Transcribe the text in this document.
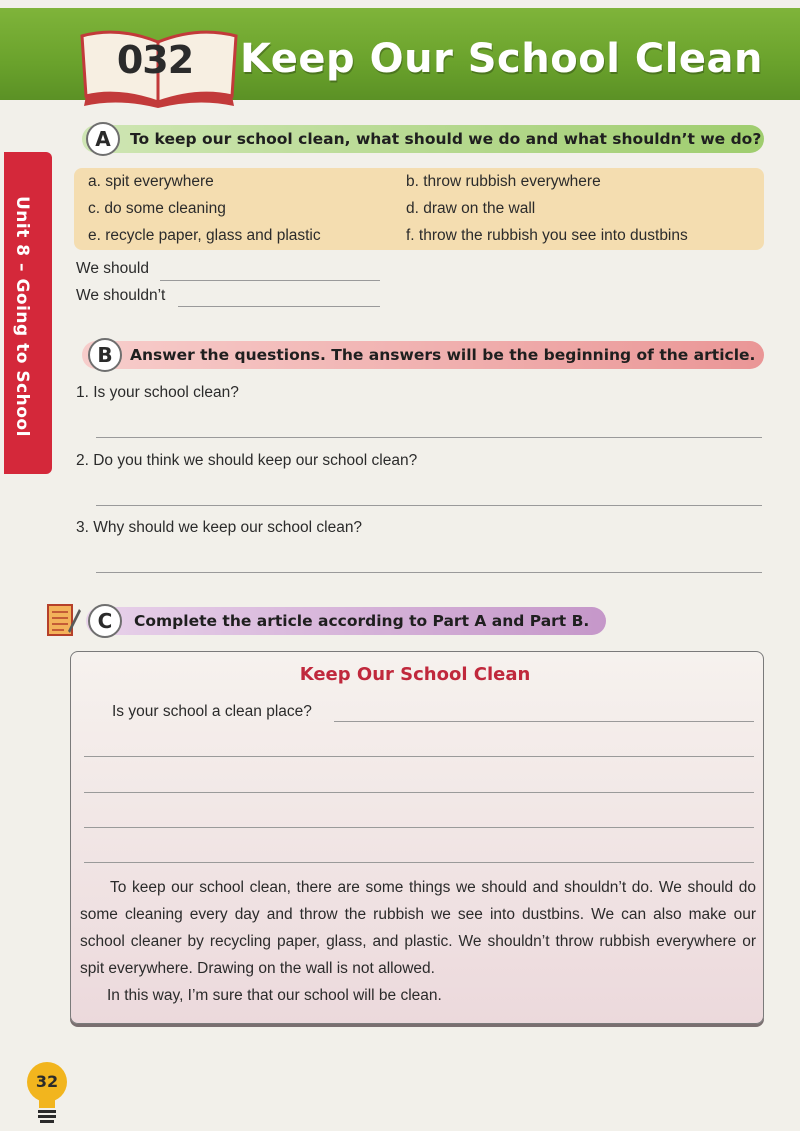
032 Keep Our School Clean
Unit 8 – Going to School
To keep our school clean, what should we do and what shouldn’t we do?
A
a. spit everywhere	b. throw rubbish everywhere
c. do some cleaning	d. draw on the wall
e. recycle paper, glass and plastic	f. throw the rubbish you see into dustbins
We should
We shouldn’t
Answer the questions. The answers will be the beginning of the article.
B
1. Is your school clean?
2. Do you think we should keep our school clean?
3. Why should we keep our school clean?
Complete the article according to Part A and Part B.
C
Keep Our School Clean
Is your school a clean place?

To keep our school clean, there are some things we should and shouldn’t do. We should do some cleaning every day and throw the rubbish we see into dustbins. We can also make our school cleaner by recycling paper, glass, and plastic. We shouldn’t throw rubbish everywhere or spit everywhere. Drawing on the wall is not allowed.

In this way, I’m sure that our school will be clean.

32
